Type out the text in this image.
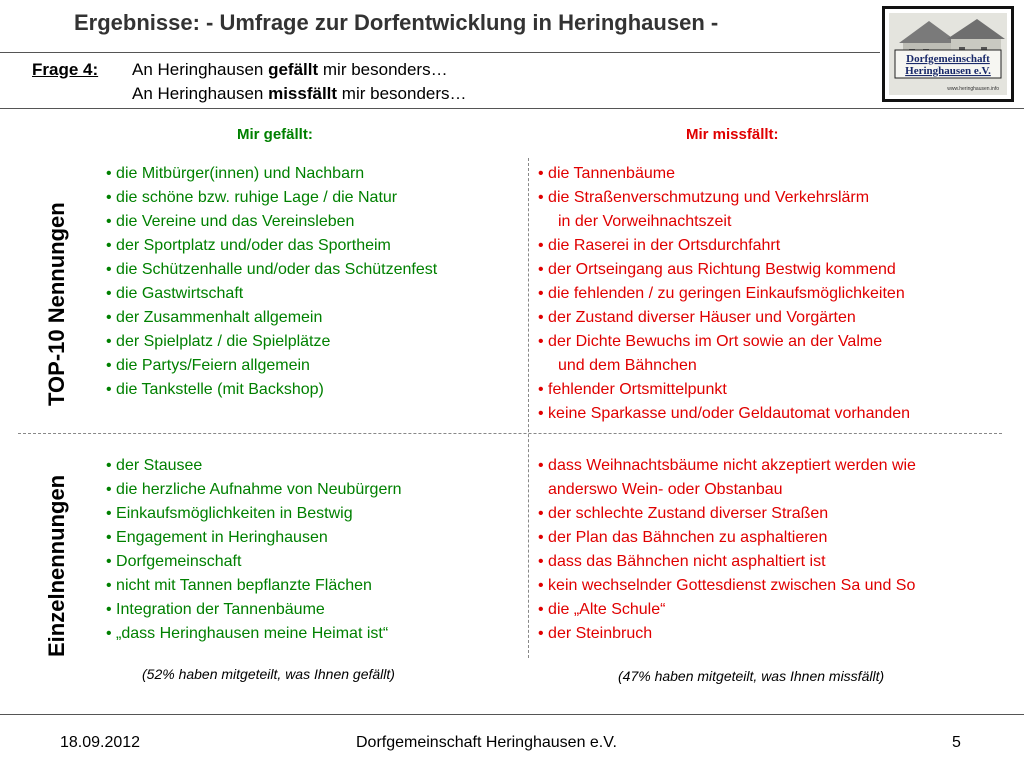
Ergebnisse: - Umfrage zur Dorfentwicklung in Heringhausen -
Dorfgemeinschaft
Heringhausen e.V.
www.heringhausen.info
Frage 4: An Heringhausen gefällt mir besonders…
An Heringhausen missfällt mir besonders…
Mir gefällt:	Mir missfällt:
TOP-10 Nennungen
Einzelnennungen
• die Mitbürger(innen) und Nachbarn
• die schöne bzw. ruhige Lage / die Natur
• die Vereine und das Vereinsleben
• der Sportplatz und/oder das Sportheim
• die Schützenhalle und/oder das Schützenfest
• die Gastwirtschaft
• der Zusammenhalt allgemein
• der Spielplatz / die Spielplätze
• die Partys/Feiern allgemein
• die Tankstelle (mit Backshop)
• die Tannenbäume
• die Straßenverschmutzung und Verkehrslärm
in der Vorweihnachtszeit
• die Raserei in der Ortsdurchfahrt
• der Ortseingang aus Richtung Bestwig kommend
• die fehlenden / zu geringen Einkaufsmöglichkeiten
• der Zustand diverser Häuser und Vorgärten
• der Dichte Bewuchs im Ort sowie an der Valme
und dem Bähnchen
• fehlender Ortsmittelpunkt
• keine Sparkasse und/oder Geldautomat vorhanden
• der Stausee
• die herzliche Aufnahme von Neubürgern
• Einkaufsmöglichkeiten in Bestwig
• Engagement in Heringhausen
• Dorfgemeinschaft
• nicht mit Tannen bepflanzte Flächen
• Integration der Tannenbäume
• „dass Heringhausen meine Heimat ist“
• dass Weihnachtsbäume nicht akzeptiert werden wie
anderswo Wein- oder Obstanbau
• der schlechte Zustand diverser Straßen
• der Plan das Bähnchen zu asphaltieren
• dass das Bähnchen nicht asphaltiert ist
• kein wechselnder Gottesdienst zwischen Sa und So
• die „Alte Schule“
• der Steinbruch
(52% haben mitgeteilt, was Ihnen gefällt)	(47% haben mitgeteilt, was Ihnen missfällt)
18.09.2012	Dorfgemeinschaft Heringhausen e.V.	5
